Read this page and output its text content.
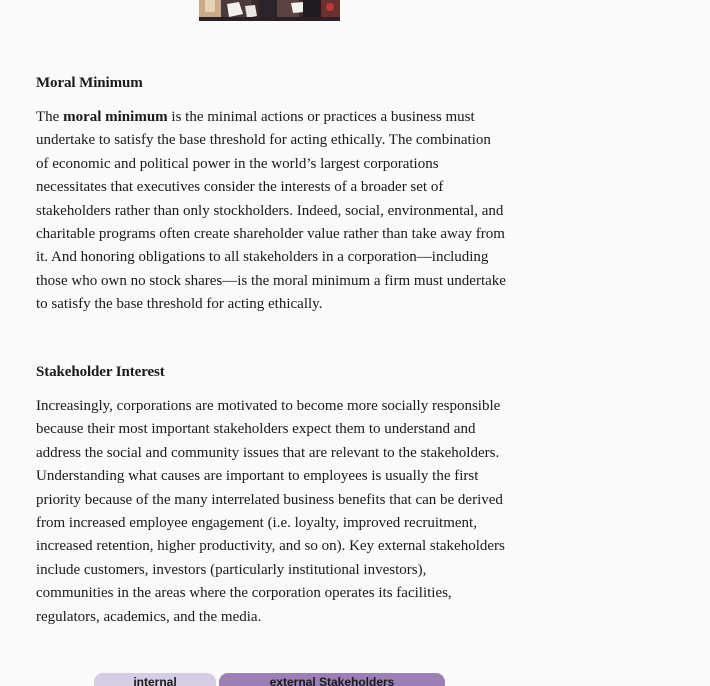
Moral Minimum

The moral minimum is the minimal actions or practices a business must undertake to satisfy the base threshold for acting ethically. The combination of economic and political power in the world’s largest corporations necessitates that executives consider the interests of a broader set of stakeholders rather than only stockholders. Indeed, social, environmental, and charitable programs often create shareholder value rather than take away from it. And honoring obligations to all stakeholders in a corporation—including those who own no stock shares—is the moral minimum a firm must undertake to satisfy the base threshold for acting ethically.

Stakeholder Interest

Increasingly, corporations are motivated to become more socially responsible because their most important stakeholders expect them to understand and address the social and community issues that are relevant to the stakeholders. Understanding what causes are important to employees is usually the first priority because of the many interrelated business benefits that can be derived from increased employee engagement (i.e. loyalty, improved recruitment, increased retention, higher productivity, and so on). Key external stakeholders include customers, investors (particularly institutional investors), communities in the areas where the corporation operates its facilities, regulators, academics, and the media.

internal	external Stakeholders
